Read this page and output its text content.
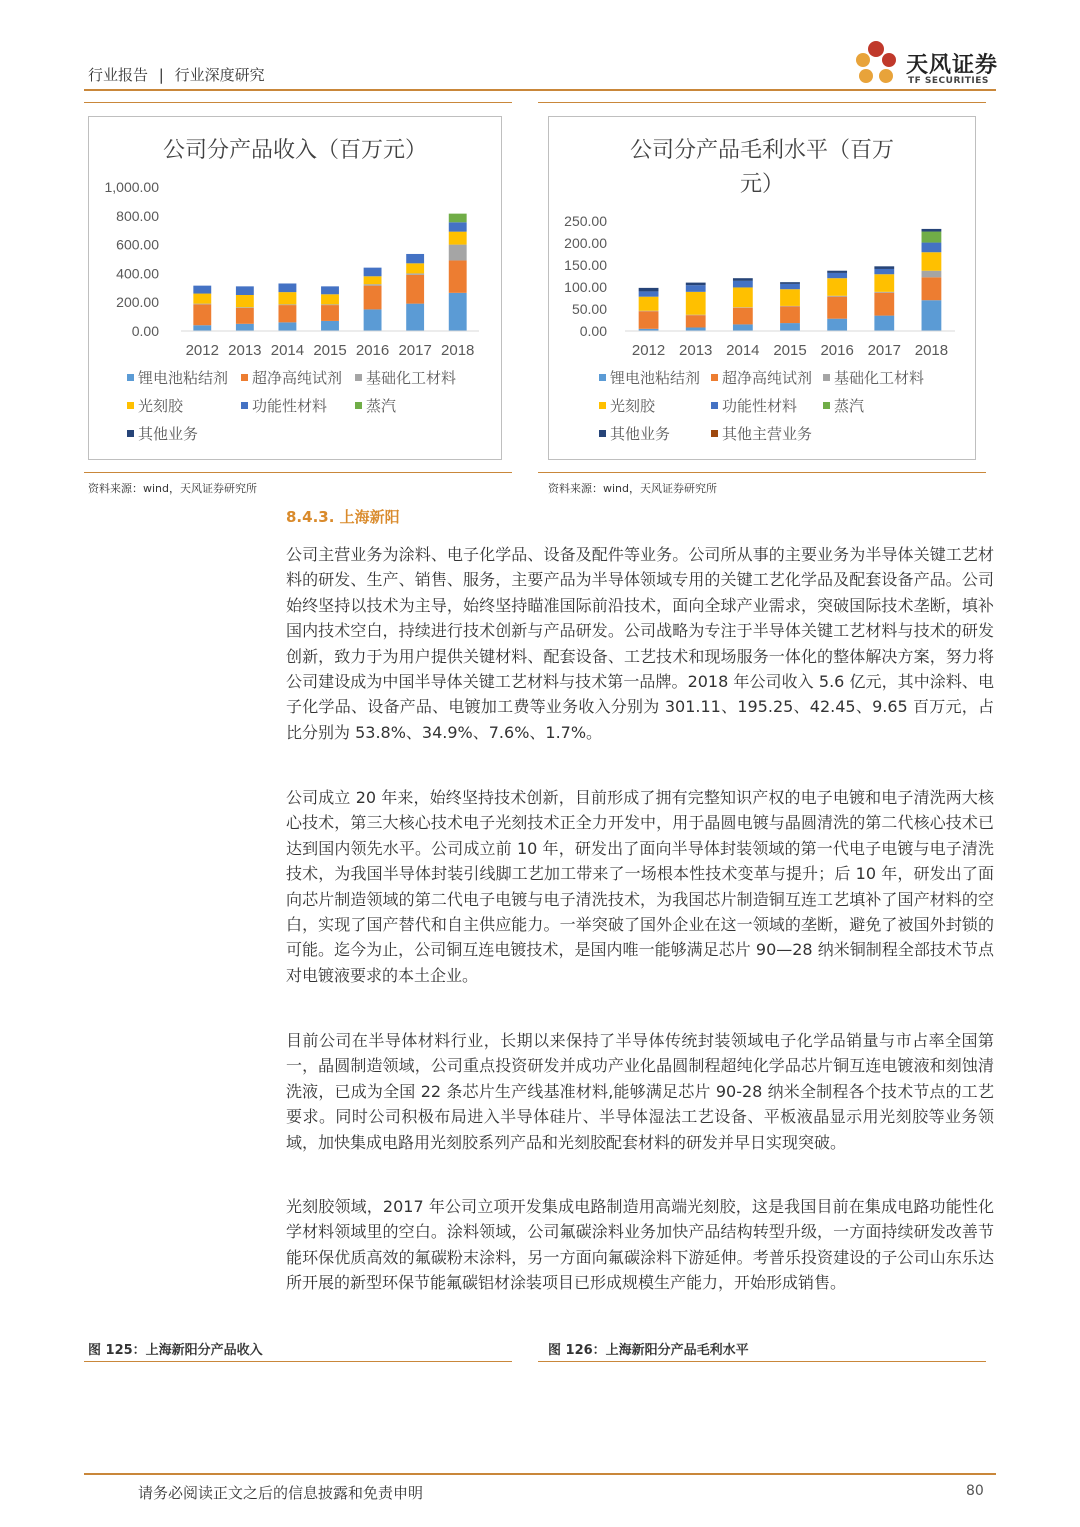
行业报告 | 行业深度研究	天风证券
TF SECURITIES
公司分产品收入（百万元）
0.00
200.00
400.00
600.00
800.00
1,000.00
2012 2013 2014 2015 2016 2017 2018
锂电池粘结剂 超净高纯试剂 基础化工材料
光刻胶	功能性材料	蒸汽
其他业务
公司分产品毛利水平（百万
元）
0.00
50.00
100.00
150.00
200.00
250.00
2012 2013 2014 2015 2016 2017 2018
锂电池粘结剂 超净高纯试剂 基础化工材料
光刻胶	功能性材料 蒸汽
其他业务	其他主营业务
资料来源：wind，天风证券研究所	资料来源：wind，天风证券研究所
8.4.3. 上海新阳

公司主营业务为涂料、电子化学品、设备及配件等业务。公司所从事的主要业务为半导体关键工艺材料的研发、生产、销售、服务，主要产品为半导体领域专用的关键工艺化学品及配套设备产品。公司始终坚持以技术为主导，始终坚持瞄准国际前沿技术，面向全球产业需求，突破国际技术垄断，填补国内技术空白，持续进行技术创新与产品研发。公司战略为专注于半导体关键工艺材料与技术的研发创新，致力于为用户提供关键材料、配套设备、工艺技术和现场服务一体化的整体解决方案，努力将公司建设成为中国半导体关键工艺材料与技术第一品牌。2018 年公司收入 5.6 亿元，其中涂料、电子化学品、设备产品、电镀加工费等业务收入分别为 301.11、195.25、42.45、9.65 百万元，占比分别为 53.8%、34.9%、7.6%、1.7%。

公司成立 20 年来，始终坚持技术创新，目前形成了拥有完整知识产权的电子电镀和电子清洗两大核心技术，第三大核心技术电子光刻技术正全力开发中，用于晶圆电镀与晶圆清洗的第二代核心技术已达到国内领先水平。公司成立前 10 年，研发出了面向半导体封装领域的第一代电子电镀与电子清洗技术，为我国半导体封装引线脚工艺加工带来了一场根本性技术变革与提升；后 10 年，研发出了面向芯片制造领域的第二代电子电镀与电子清洗技术，为我国芯片制造铜互连工艺填补了国产材料的空白，实现了国产替代和自主供应能力。一举突破了国外企业在这一领域的垄断，避免了被国外封锁的可能。迄今为止，公司铜互连电镀技术，是国内唯一能够满足芯片 90—28 纳米铜制程全部技术节点对电镀液要求的本土企业。

目前公司在半导体材料行业，长期以来保持了半导体传统封装领域电子化学品销量与市占率全国第一，晶圆制造领域，公司重点投资研发并成功产业化晶圆制程超纯化学品芯片铜互连电镀液和刻蚀清洗液，已成为全国 22 条芯片生产线基准材料,能够满足芯片 90-28 纳米全制程各个技术节点的工艺要求。同时公司积极布局进入半导体硅片、半导体湿法工艺设备、平板液晶显示用光刻胶等业务领域，加快集成电路用光刻胶系列产品和光刻胶配套材料的研发并早日实现突破。

光刻胶领域，2017 年公司立项开发集成电路制造用高端光刻胶，这是我国目前在集成电路功能性化学材料领域里的空白。涂料领域，公司氟碳涂料业务加快产品结构转型升级，一方面持续研发改善节能环保优质高效的氟碳粉末涂料，另一方面向氟碳涂料下游延伸。考普乐投资建设的子公司山东乐达所开展的新型环保节能氟碳铝材涂装项目已形成规模生产能力，开始形成销售。

图 125：上海新阳分产品收入	图 126：上海新阳分产品毛利水平
请务必阅读正文之后的信息披露和免责申明	80
